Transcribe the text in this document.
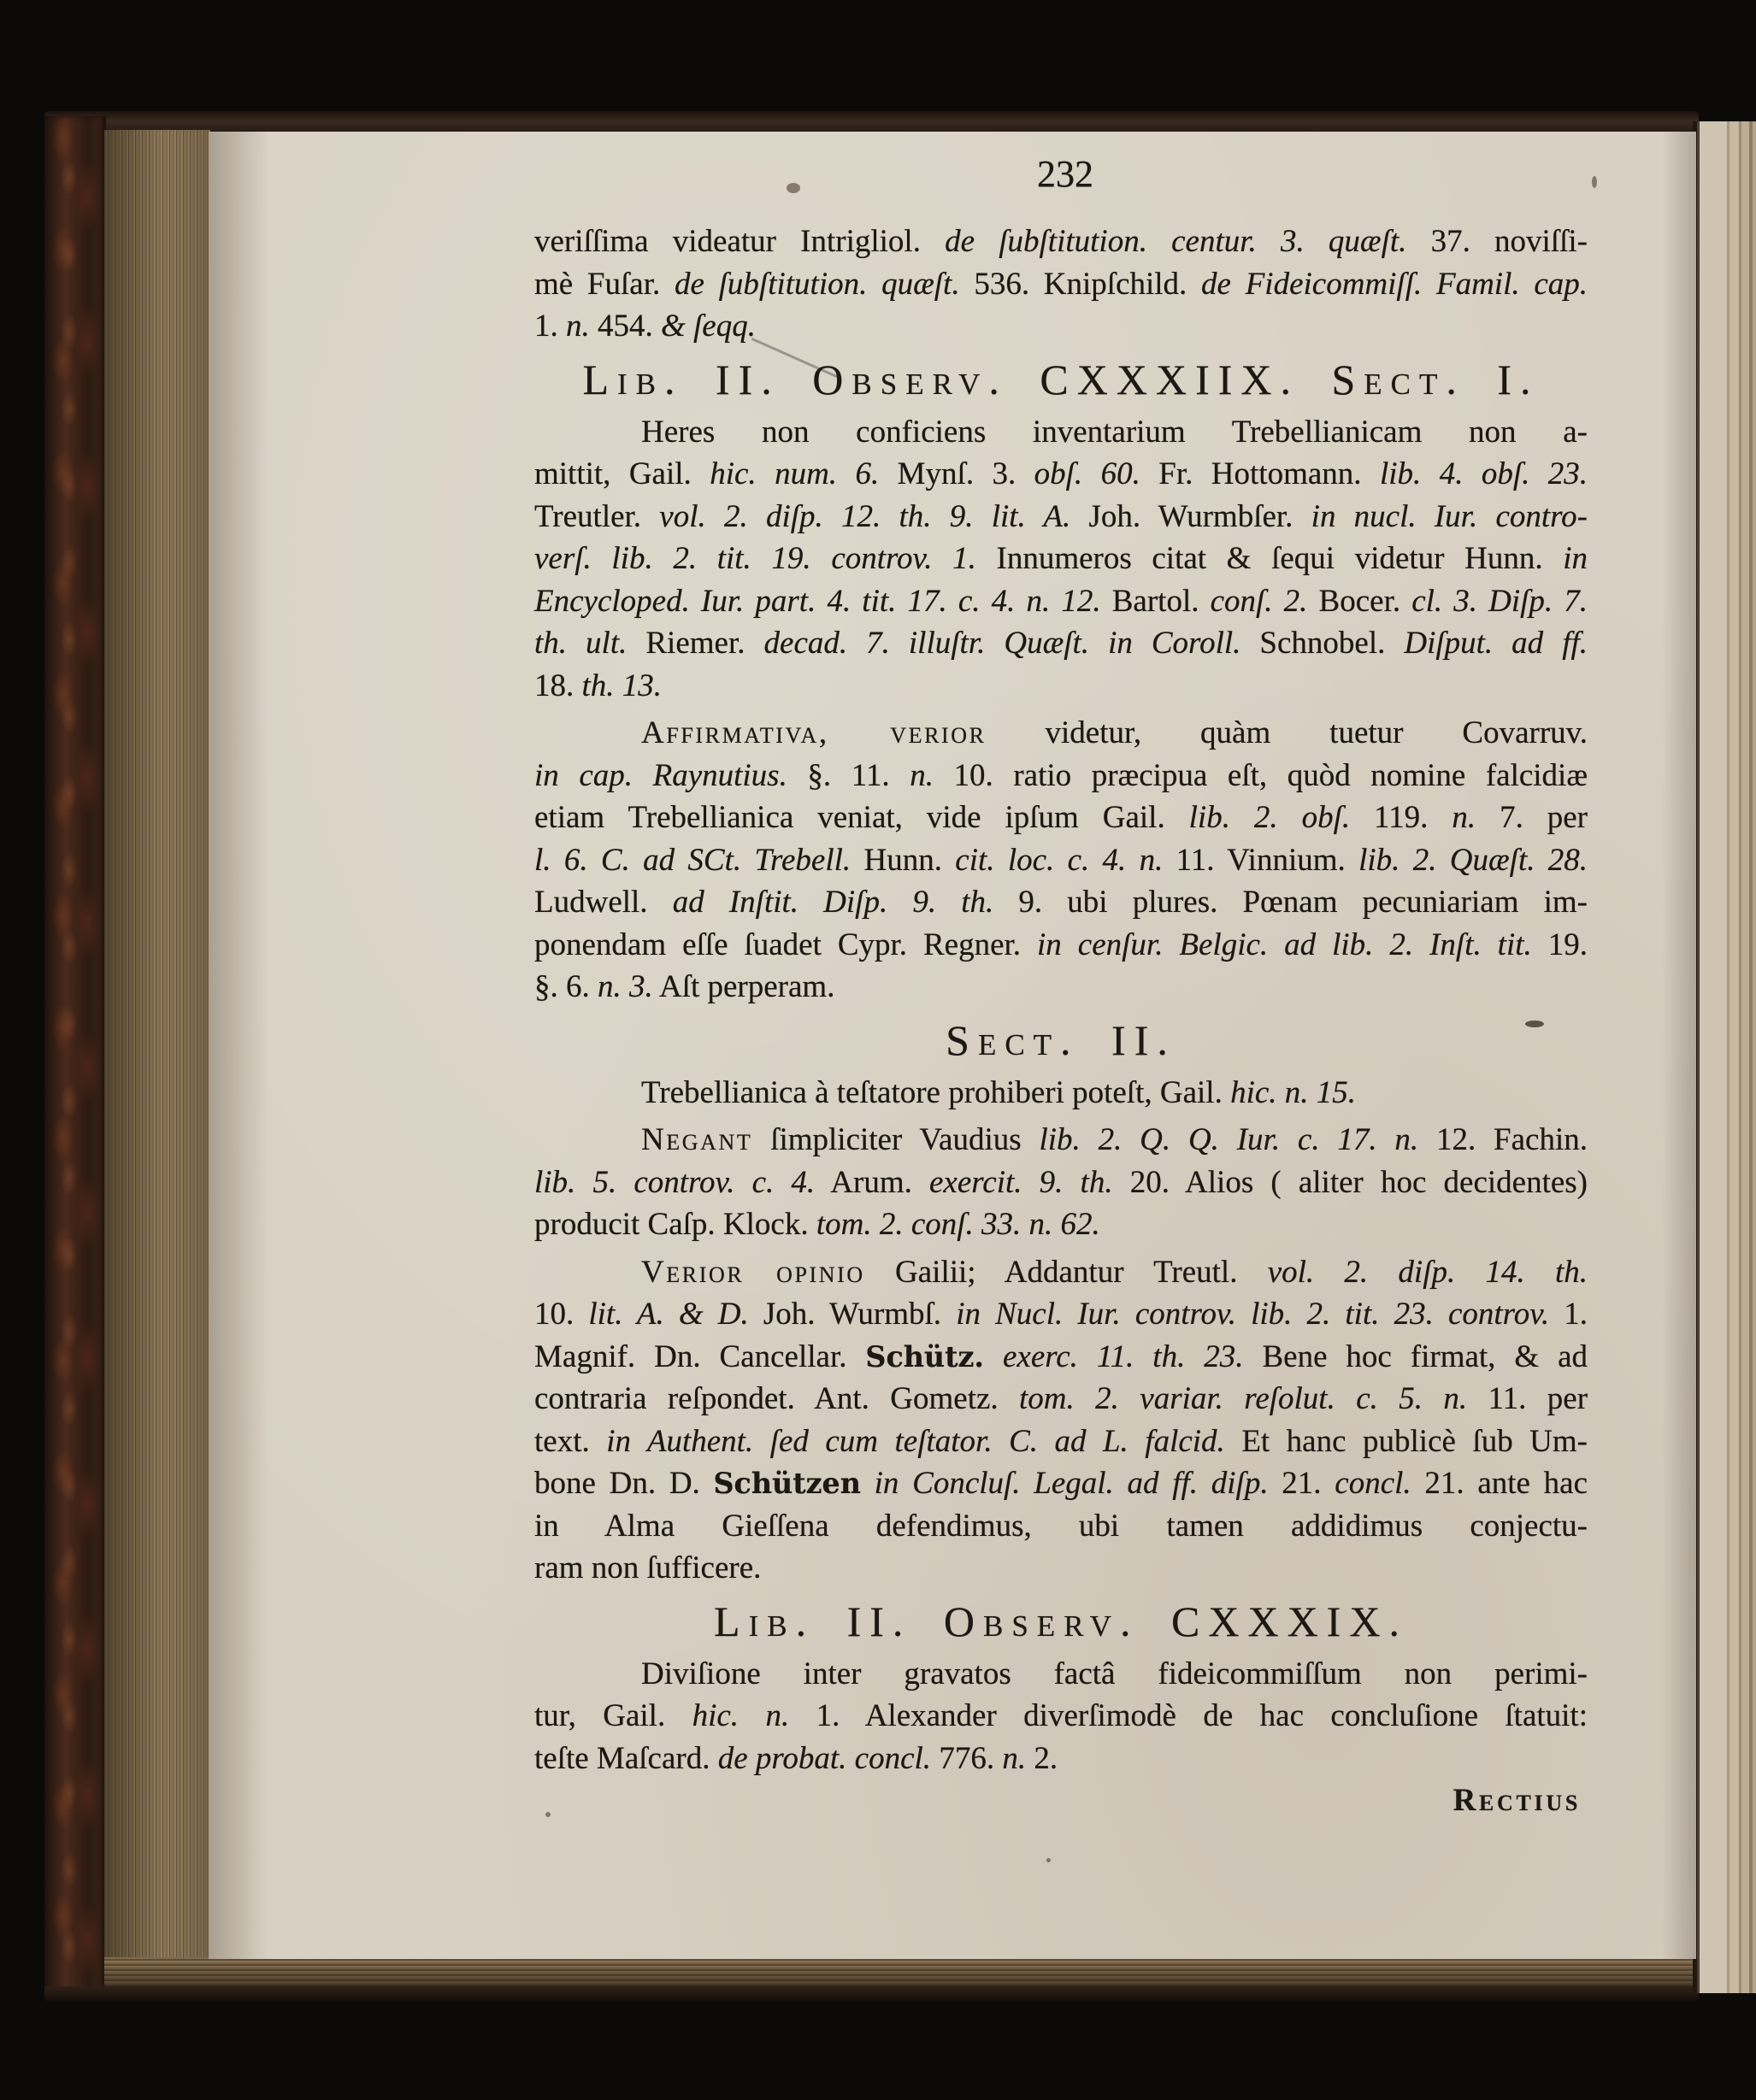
232
veriſſima videatur Intrigliol. de ſubſtitution. centur. 3. quæſt. 37. noviſſi-
mè Fuſar. de ſubſtitution. quæſt. 536. Knipſchild. de Fideicommiſſ. Famil. cap.
1. n. 454. & ſeqq.
Lib. II. Observ. CXXXIIX. Sect. I.
Heres non conficiens inventarium Trebellianicam non a-
mittit, Gail. hic. num. 6. Mynſ. 3. obſ. 60. Fr. Hottomann. lib. 4. obſ. 23.
Treutler. vol. 2. diſp. 12. th. 9. lit. A. Joh. Wurmbſer. in nucl. Iur. contro-
verſ. lib. 2. tit. 19. controv. 1. Innumeros citat & ſequi videtur Hunn. in
Encycloped. Iur. part. 4. tit. 17. c. 4. n. 12. Bartol. conſ. 2. Bocer. cl. 3. Diſp. 7.
th. ult. Riemer. decad. 7. illuſtr. Quæſt. in Coroll. Schnobel. Diſput. ad ff.
18. th. 13.
Affirmativa, verior videtur, quàm tuetur Covarruv.
in cap. Raynutius. §. 11. n. 10. ratio præcipua eſt, quòd nomine falcidiæ
etiam Trebellianica veniat, vide ipſum Gail. lib. 2. obſ. 119. n. 7. per
l. 6. C. ad SCt. Trebell. Hunn. cit. loc. c. 4. n. 11. Vinnium. lib. 2. Quæſt. 28.
Ludwell. ad Inſtit. Diſp. 9. th. 9. ubi plures. Pœnam pecuniariam im-
ponendam eſſe ſuadet Cypr. Regner. in cenſur. Belgic. ad lib. 2. Inſt. tit. 19.
§. 6. n. 3. Aſt perperam.
Sect. II.
Trebellianica à teſtatore prohiberi poteſt, Gail. hic. n. 15.
Negant ſimpliciter Vaudius lib. 2. Q. Q. Iur. c. 17. n. 12. Fachin.
lib. 5. controv. c. 4. Arum. exercit. 9. th. 20. Alios ( aliter hoc decidentes)
producit Caſp. Klock. tom. 2. conſ. 33. n. 62.
Verior opinio Gailii; Addantur Treutl. vol. 2. diſp. 14. th.
10. lit. A. & D. Joh. Wurmbſ. in Nucl. Iur. controv. lib. 2. tit. 23. controv. 1.
Magnif. Dn. Cancellar. Schütz. exerc. 11. th. 23. Bene hoc firmat, & ad
contraria reſpondet. Ant. Gometz. tom. 2. variar. reſolut. c. 5. n. 11. per
text. in Authent. ſed cum teſtator. C. ad L. falcid. Et hanc publicè ſub Um-
bone Dn. D. Schützen in Concluſ. Legal. ad ff. diſp. 21. concl. 21. ante hac
in Alma Gieſſena defendimus, ubi tamen addidimus conjectu-
ram non ſufficere.
Lib. II. Observ. CXXXIX.
Diviſione inter gravatos factâ fideicommiſſum non perimi-
tur, Gail. hic. n. 1. Alexander diverſimodè de hac concluſione ſtatuit:
teſte Maſcard. de probat. concl. 776. n. 2.
Rectius
